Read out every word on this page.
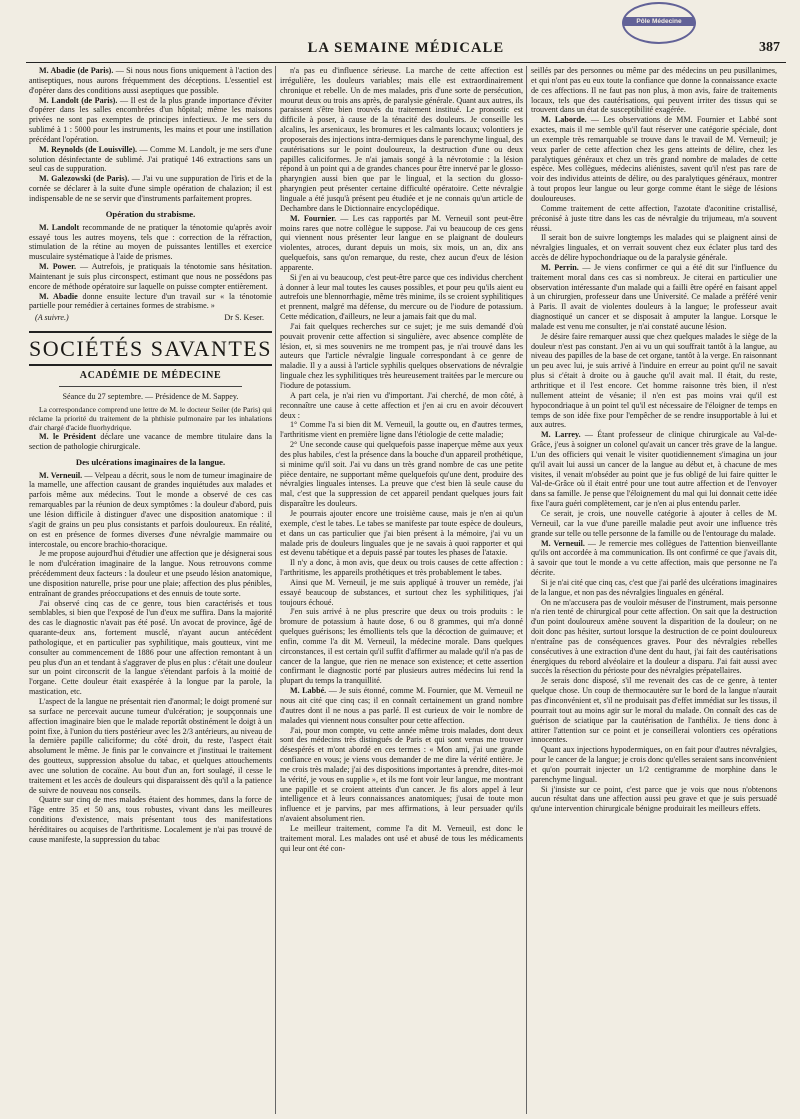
Pôle Médecine
LA SEMAINE MÉDICALE	387

M. Abadie (de Paris). — Si nous nous fions uniquement à l'action des antiseptiques, nous aurons fréquemment des déceptions. L'essentiel est d'opérer dans des conditions aussi aseptiques que possible.

M. Landolt (de Paris). — Il est de la plus grande importance d'éviter d'opérer dans les salles encombrées d'un hôpital; même les maisons privées ne sont pas exemptes de principes infectieux. Je me sers du sublimé à 1 : 5000 pour les instruments, les mains et pour une instillation précédant l'opération.

M. Reynolds (de Louisville). — Comme M. Landolt, je me sers d'une solution désinfectante de sublimé. J'ai pratiqué 146 extractions sans un seul cas de suppuration.

M. Galezowski (de Paris). — J'ai vu une suppuration de l'iris et de la cornée se déclarer à la suite d'une simple opération de chalazion; il est indispensable de ne se servir que d'instruments parfaitement propres.

Opération du strabisme.

M. Landolt recommande de ne pratiquer la ténotomie qu'après avoir essayé tous les autres moyens, tels que : correction de la réfraction, stimulation de la rétine au moyen de puissantes lentilles et exercice musculaire systématique à l'aide de prismes.

M. Power. — Autrefois, je pratiquais la ténotomie sans hésitation. Maintenant je suis plus circonspect, estimant que nous ne possédons pas encore de méthode opératoire sur laquelle on puisse compter entièrement.

M. Abadie donne ensuite lecture d'un travail sur « la ténotomie partielle pour remédier à certaines formes de strabisme. »

(A suivre.)	Dr S. Keser.
SOCIÉTÉS SAVANTES
ACADÉMIE DE MÉDECINE

Séance du 27 septembre. — Présidence de M. Sappey.

La correspondance comprend une lettre de M. le docteur Seiler (de Paris) qui réclame la priorité du traitement de la phthisie pulmonaire par les inhalations d'air chargé d'acide fluorhydrique.

M. le Président déclare une vacance de membre titulaire dans la section de pathologie chirurgicale.

Des ulcérations imaginaires de la langue.

M. Verneuil. — Velpeau a décrit, sous le nom de tumeur imaginaire de la mamelle, une affection causant de grandes inquiétudes aux malades et parfois même aux médecins. Tout le monde a observé de ces cas remarquables par la réunion de deux symptômes : la douleur d'abord, puis une lésion difficile à distinguer d'avec une disposition anatomique : il s'agit de grains un peu plus consistants et parfois douloureux. En réalité, on est en présence de formes diverses d'une névralgie mammaire ou intercostale, ou encore brachio-thoracique.

Je me propose aujourd'hui d'étudier une affection que je désignerai sous le nom d'ulcération imaginaire de la langue. Nous retrouvons comme précédemment deux facteurs : la douleur et une pseudo lésion anatomique, une disposition naturelle, prise pour une plaie; affection des plus pénibles, entraînant de grandes préoccupations et des ennuis de toute sorte.

J'ai observé cinq cas de ce genre, tous bien caractérisés et tous semblables, si bien que l'exposé de l'un d'eux me suffira. Dans la majorité des cas le diagnostic n'avait pas été posé. Un avocat de province, âgé de quarante-deux ans, fortement musclé, n'ayant aucun antécédent pathologique, et en particulier pas syphilitique, mais goutteux, vint me consulter au commencement de 1886 pour une affection remontant à un peu plus d'un an et tendant à s'aggraver de plus en plus : c'était une douleur sur un point circonscrit de la langue s'étendant parfois à la moitié de l'organe. Cette douleur était exaspérée à la longue par la parole, la mastication, etc.

L'aspect de la langue ne présentait rien d'anormal; le doigt promené sur sa surface ne percevait aucune tumeur d'ulcération; je soupçonnais une affection imaginaire bien que le malade reportât obstinément le doigt à un point fixe, à l'union du tiers postérieur avec les 2/3 antérieurs, au niveau de la dernière papille caliciforme; du côté droit, du reste, l'aspect était absolument le même. Je finis par le convaincre et j'instituai le traitement des goutteux, suppression absolue du tabac, et quelques attouchements avec une solution de cocaïne. Au bout d'un an, fort soulagé, il cesse le traitement et les accès de douleurs qui disparaissent dès qu'il a la patience de suivre de nouveau nos conseils.

Quatre sur cinq de mes malades étaient des hommes, dans la force de l'âge entre 35 et 50 ans, tous robustes, vivant dans les meilleures conditions d'existence, mais présentant tous des manifestations héréditaires ou acquises de l'arthritisme. Localement je n'ai pas trouvé de cause manifeste, la suppression du tabac

n'a pas eu d'influence sérieuse. La marche de cette affection est irrégulière, les douleurs variables; mais elle est extraordinairement chronique et rebelle. Un de mes malades, pris d'une sorte de persécution, mourut deux ou trois ans après, de paralysie générale. Quant aux autres, ils paraissent s'être bien trouvés du traitement institué. Le pronostic est difficile à poser, à cause de la ténacité des douleurs. Je conseille les alcalins, les arsenicaux, les bromures et les calmants locaux; volontiers je proposerais des injections intra-dermiques dans le parenchyme lingual, des cautérisations sur le point douloureux, la destruction d'une ou deux papilles caliciformes. Je n'ai jamais songé à la névrotomie : la lésion répond à un point qui a de grandes chances pour être innervé par le glosso-pharyngien aussi bien que par le lingual, et la section du glosso-pharyngien peut présenter certaine difficulté opératoire. Cette névralgie linguale a été jusqu'à présent peu étudiée et je ne connais qu'un article de Dechambre dans le Dictionnaire encyclopédique.

M. Fournier. — Les cas rapportés par M. Verneuil sont peut-être moins rares que notre collègue le suppose. J'ai vu beaucoup de ces gens qui viennent nous présenter leur langue en se plaignant de douleurs violentes, atroces, durant depuis un mois, six mois, un an, dix ans quelquefois, sans qu'on remarque, du reste, chez aucun d'eux de lésion apparente.

Si j'en ai vu beaucoup, c'est peut-être parce que ces individus cherchent à donner à leur mal toutes les causes possibles, et pour peu qu'ils aient eu autrefois une blennorrhagie, même très minime, ils se croient syphilitiques et prennent, malgré ma défense, du mercure ou de l'iodure de potassium. Cette médication, d'ailleurs, ne leur a jamais fait que du mal.

J'ai fait quelques recherches sur ce sujet; je me suis demandé d'où pouvait provenir cette affection si singulière, avec absence complète de lésion, et, si mes souvenirs ne me trompent pas, je n'ai trouvé dans les auteurs que l'article névralgie linguale correspondant à ce genre de maladie. Il y a aussi à l'article syphilis quelques observations de névralgie linguale chez les syphilitiques très heureusement traitées par le mercure ou l'iodure de potassium.

A part cela, je n'ai rien vu d'important. J'ai cherché, de mon côté, à reconnaître une cause à cette affection et j'en ai cru en avoir découvert deux :

1° Comme l'a si bien dit M. Verneuil, la goutte ou, en d'autres termes, l'arthritisme vient en première ligne dans l'étiologie de cette maladie;

2° Une seconde cause qui quelquefois passe inaperçue même aux yeux des plus habiles, c'est la présence dans la bouche d'un appareil prothétique, si minime qu'il soit. J'ai vu dans un très grand nombre de cas une petite pièce dentaire, ne supportant même quelquefois qu'une dent, produire des névralgies linguales intenses. La preuve que c'est bien là seule cause du mal, c'est que la suppression de cet appareil pendant quelques jours fait disparaître les douleurs.

Je pourrais ajouter encore une troisième cause, mais je n'en ai qu'un exemple, c'est le tabes. Le tabes se manifeste par toute espèce de douleurs, et dans un cas particulier que j'ai bien présent à la mémoire, j'ai vu un malade pris de douleurs linguales que je ne savais à quoi rapporter et qui est devenu tabétique et a depuis passé par toutes les phases de l'ataxie.

Il n'y a donc, à mon avis, que deux ou trois causes de cette affection : l'arthritisme, les appareils prothétiques et très probablement le tabes.

Ainsi que M. Verneuil, je me suis appliqué à trouver un remède, j'ai essayé beaucoup de substances, et surtout chez les syphilitiques, j'ai toujours échoué.

J'en suis arrivé à ne plus prescrire que deux ou trois produits : le bromure de potassium à haute dose, 6 ou 8 grammes, qui m'a donné quelques guérisons; les émollients tels que la décoction de guimauve; et enfin, comme l'a dit M. Verneuil, la médecine morale. Dans quelques circonstances, il est certain qu'il suffit d'affirmer au malade qu'il n'a pas de cancer de la langue, que rien ne menace son existence; et cette assertion confirmant le diagnostic porté par plusieurs autres médecins lui rend la plupart du temps la tranquillité.

M. Labbé. — Je suis étonné, comme M. Fournier, que M. Verneuil ne nous ait cité que cinq cas; il en connaît certainement un grand nombre d'autres dont il ne nous a pas parlé. Il est curieux de voir le nombre de malades qui viennent nous consulter pour cette affection.

J'ai, pour mon compte, vu cette année même trois malades, dont deux sont des médecins très distingués de Paris et qui sont venus me trouver désespérés et m'ont abordé en ces termes : « Mon ami, j'ai une grande confiance en vous; je viens vous demander de me dire la vérité entière. Je me crois très malade; j'ai des dispositions importantes à prendre, dites-moi la vérité, je vous en supplie », et ils me font voir leur langue, me montrant une papille et se croient atteints d'un cancer. Je fis alors appel à leur intelligence et à leurs connaissances anatomiques; j'usai de toute mon influence et je parvins, par mes affirmations, à leur persuader qu'ils n'avaient absolument rien.

Le meilleur traitement, comme l'a dit M. Verneuil, est donc le traitement moral. Les malades ont usé et abusé de tous les médicaments qui leur ont été con-

seillés par des personnes ou même par des médecins un peu pusillanimes, et qui n'ont pas eu eux toute la confiance que donne la connaissance exacte de ces affections. Il ne faut pas non plus, à mon avis, faire de traitements locaux, tels que des cautérisations, qui peuvent irriter des tissus qui se trouvent dans un état de susceptibilité exagérée.

M. Laborde. — Les observations de MM. Fournier et Labbé sont exactes, mais il me semble qu'il faut réserver une catégorie spéciale, dont un exemple très remarquable se trouve dans le travail de M. Verneuil; je veux parler de cette affection chez les gens atteints de délire, chez les paralytiques généraux et chez un très grand nombre de malades de cette espèce. Mes collègues, médecins aliénistes, savent qu'il n'est pas rare de voir des individus atteints de délire, ou des paralytiques généraux, montrer à tout propos leur langue ou leur gorge comme étant le siège de lésions douloureuses.

Comme traitement de cette affection, l'azotate d'aconitine cristallisé, préconisé à juste titre dans les cas de névralgie du trijumeau, m'a souvent réussi.

Il serait bon de suivre longtemps les malades qui se plaignent ainsi de névralgies linguales, et on verrait souvent chez eux éclater plus tard des accès de délire hypochondriaque ou de la paralysie générale.

M. Perrin. — Je viens confirmer ce qui a été dit sur l'influence du traitement moral dans ces cas si nombreux. Je citerai en particulier une observation intéressante d'un malade qui a failli être opéré en faisant appel à un chirurgien, professeur dans une Université. Ce malade a préféré venir à Paris. Il avait de violentes douleurs à la langue; le professeur avait diagnostiqué un cancer et se disposait à amputer la langue. Lorsque le malade est venu me consulter, je n'ai constaté aucune lésion.

Je désire faire remarquer aussi que chez quelques malades le siège de la douleur n'est pas constant. J'en ai vu un qui souffrait tantôt à la langue, au niveau des papilles de la base de cet organe, tantôt à la verge. En raisonnant un peu avec lui, je suis arrivé à l'induire en erreur au point qu'il ne savait plus si c'était à droite ou à gauche qu'il avait mal. Il était, du reste, arthritique et il l'est encore. Cet homme raisonne très bien, il n'est nullement atteint de vésanie; il n'en est pas moins vrai qu'il est hypocondriaque à un point tel qu'il est nécessaire de l'éloigner de temps en temps de son idée fixe pour l'empêcher de se rendre insupportable à lui et aux autres.

M. Larrey. — Étant professeur de clinique chirurgicale au Val-de-Grâce, j'eus à soigner un colonel qu'avait un cancer très grave de la langue. L'un des officiers qui venait le visiter quotidiennement s'imagina un jour qu'il avait lui aussi un cancer de la langue au début et, à chacune de mes visites, il venait m'obséder au point que je fus obligé de lui faire quitter le Val-de-Grâce où il était entré pour une tout autre affection et de l'envoyer dans sa famille. Je pense que l'éloignement du mal qui lui donnait cette idée fixe l'aura guéri complètement, car je n'en ai plus entendu parler.

Ce serait, je crois, une nouvelle catégorie à ajouter à celles de M. Verneuil, car la vue d'une pareille maladie peut avoir une influence très grande sur telle ou telle personne de la famille ou de l'entourage du malade.

M. Verneuil. — Je remercie mes collègues de l'attention bienveillante qu'ils ont accordée à ma communication. Ils ont confirmé ce que j'avais dit, à savoir que tout le monde a vu cette affection, mais que personne ne l'a décrite.

Si je n'ai cité que cinq cas, c'est que j'ai parlé des ulcérations imaginaires de la langue, et non pas des névralgies linguales en général.

On ne m'accusera pas de vouloir mésuser de l'instrument, mais personne n'a rien tenté de chirurgical pour cette affection. On sait que la destruction d'un point douloureux amène souvent la disparition de la douleur; on ne doit donc pas hésiter, surtout lorsque la destruction de ce point douloureux n'entraîne pas de conséquences graves. Pour des névralgies rebelles consécutives à une extraction d'une dent du haut, j'ai fait des cautérisations énergiques du rebord alvéolaire et la douleur a disparu. J'ai fait aussi avec succès la résection du périoste pour des névralgies prépatellaires.

Je serais donc disposé, s'il me revenait des cas de ce genre, à tenter quelque chose. Un coup de thermocautère sur le bord de la langue n'aurait pas d'inconvénient et, s'il ne produisait pas d'effet immédiat sur les tissus, il pourrait tout au moins agir sur le moral du malade. On connaît des cas de guérison de sciatique par la cautérisation de l'anthélix. Je tiens donc à attirer l'attention sur ce point et je conseillerai volontiers ces opérations innocentes.

Quant aux injections hypodermiques, on en fait pour d'autres névralgies, pour le cancer de la langue; je crois donc qu'elles seraient sans inconvénient et qu'on pourrait injecter un 1/2 centigramme de morphine dans le parenchyme lingual.

Si j'insiste sur ce point, c'est parce que je vois que nous n'obtenons aucun résultat dans une affection aussi peu grave et que je suis persuadé qu'une intervention chirurgicale bénigne produirait les meilleurs effets.
